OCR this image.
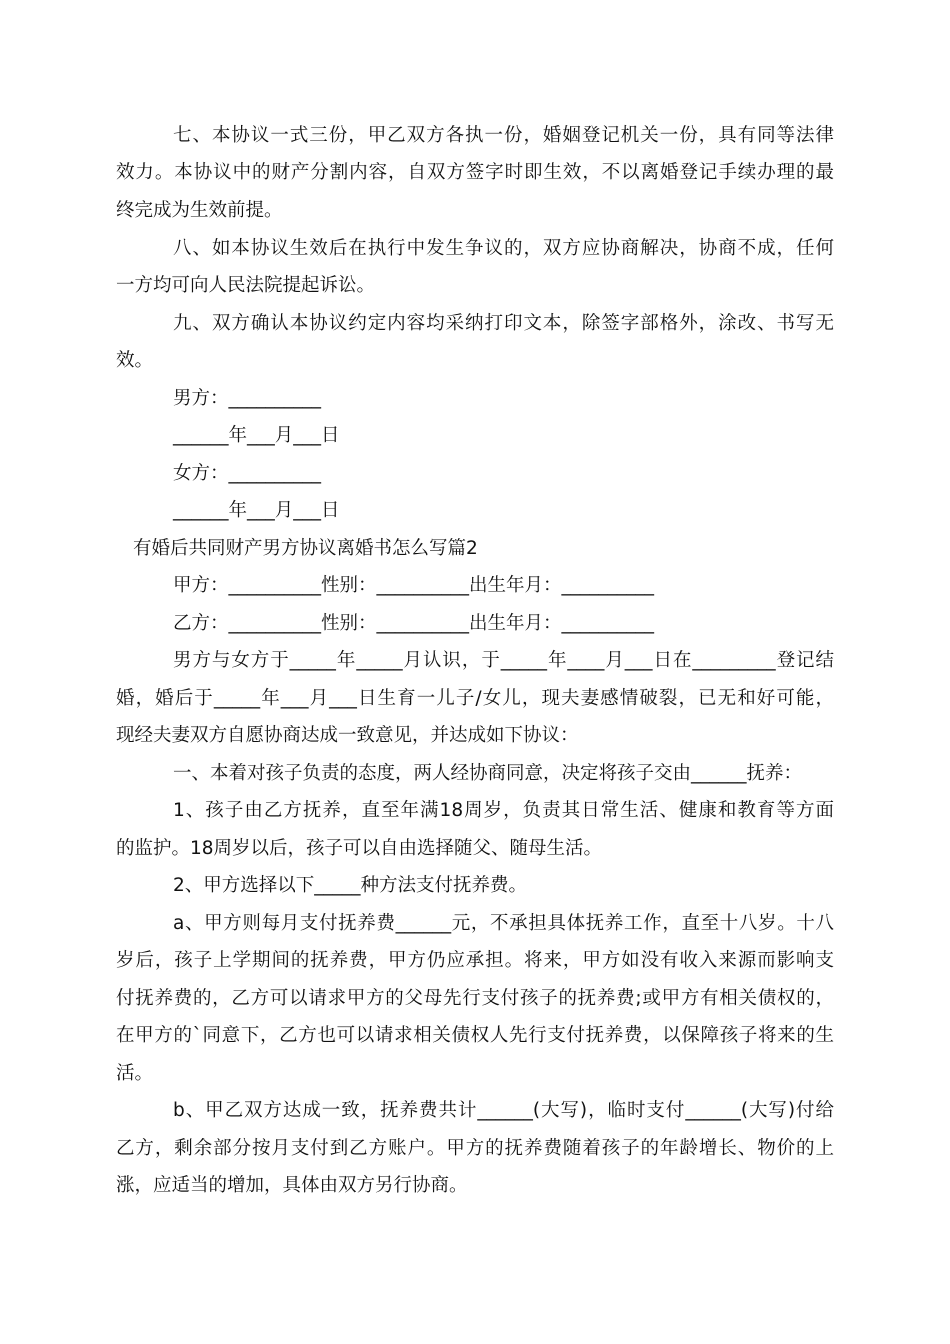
七、本协议一式三份，甲乙双方各执一份，婚姻登记机关一份，具有同等法律
效力。本协议中的财产分割内容，自双方签字时即生效，不以离婚登记手续办理的最
终完成为生效前提。
八、如本协议生效后在执行中发生争议的，双方应协商解决，协商不成，任何
一方均可向人民法院提起诉讼。
九、双方确认本协议约定内容均采纳打印文本，除签字部格外，涂改、书写无
效。
男方：__________
______年___月___日
女方：__________
______年___月___日
有婚后共同财产男方协议离婚书怎么写篇2
甲方：__________性别：__________出生年月：__________
乙方：__________性别：__________出生年月：__________
男方与女方于_____年_____月认识，于_____年____月___日在_________登记结
婚，婚后于_____年___月___日生育一儿子/女儿，现夫妻感情破裂，已无和好可能，
现经夫妻双方自愿协商达成一致意见，并达成如下协议：
一、本着对孩子负责的态度，两人经协商同意，决定将孩子交由______抚养：
1、孩子由乙方抚养，直至年满18周岁，负责其日常生活、健康和教育等方面
的监护。18周岁以后，孩子可以自由选择随父、随母生活。
2、甲方选择以下_____种方法支付抚养费。
a、甲方则每月支付抚养费______元，不承担具体抚养工作，直至十八岁。十八
岁后，孩子上学期间的抚养费，甲方仍应承担。将来，甲方如没有收入来源而影响支
付抚养费的，乙方可以请求甲方的父母先行支付孩子的抚养费;或甲方有相关债权的，
在甲方的`同意下，乙方也可以请求相关债权人先行支付抚养费，以保障孩子将来的生
活。
b、甲乙双方达成一致，抚养费共计______(大写)，临时支付______(大写)付给
乙方，剩余部分按月支付到乙方账户。甲方的抚养费随着孩子的年龄增长、物价的上
涨，应适当的增加，具体由双方另行协商。
